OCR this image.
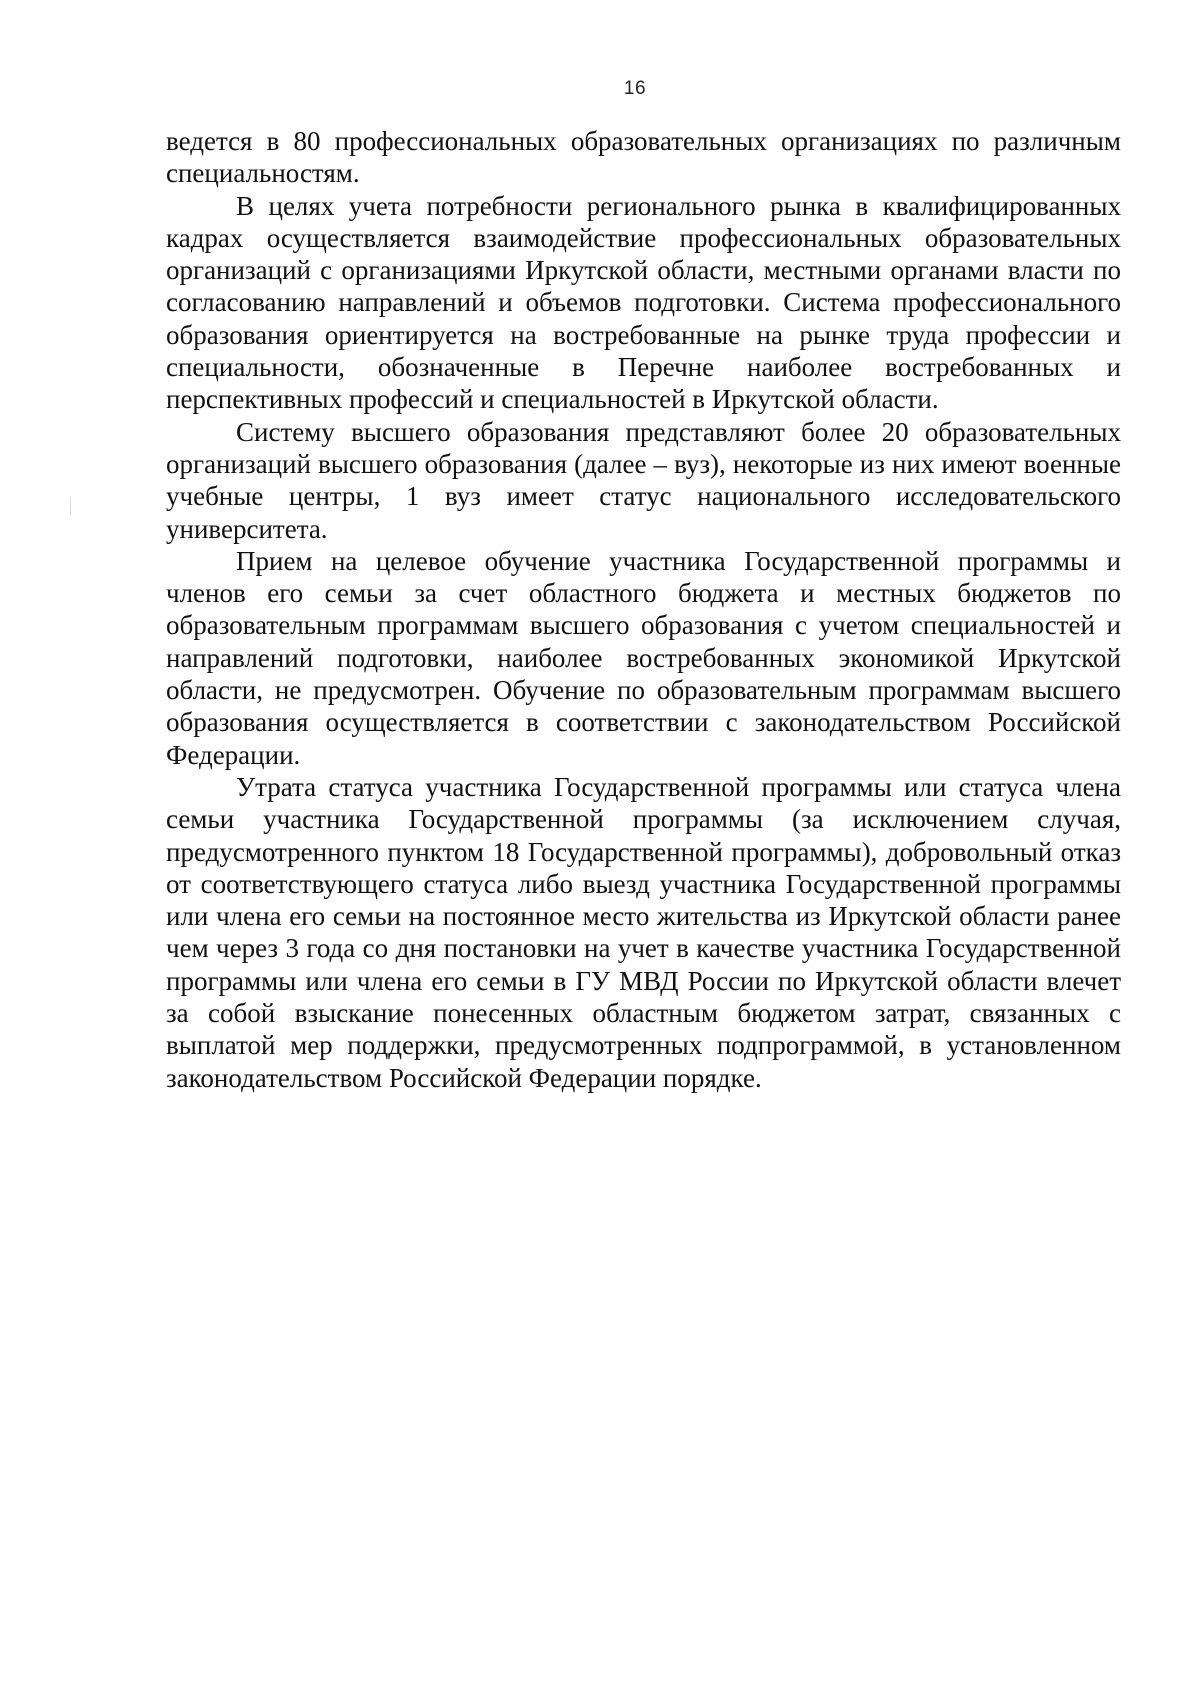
16

ведется в 80 профессиональных образовательных организациях по различным специальностям.

В целях учета потребности регионального рынка в квалифицированных кадрах осуществляется взаимодействие профессиональных образовательных организаций с организациями Иркутской области, местными органами власти по согласованию направлений и объемов подготовки. Система профессионального образования ориентируется на востребованные на рынке труда профессии и специальности, обозначенные в Перечне наиболее востребованных и перспективных профессий и специальностей в Иркутской области.

Систему высшего образования представляют более 20 образовательных организаций высшего образования (далее – вуз), некоторые из них имеют военные учебные центры, 1 вуз имеет статус национального исследовательского университета.

Прием на целевое обучение участника Государственной программы и членов его семьи за счет областного бюджета и местных бюджетов по образовательным программам высшего образования с учетом специальностей и направлений подготовки, наиболее востребованных экономикой Иркутской области, не предусмотрен. Обучение по образовательным программам высшего образования осуществляется в соответствии с законодательством Российской Федерации.

Утрата статуса участника Государственной программы или статуса члена семьи участника Государственной программы (за исключением случая, предусмотренного пунктом 18 Государственной программы), добровольный отказ от соответствующего статуса либо выезд участника Государственной программы или члена его семьи на постоянное место жительства из Иркутской области ранее чем через 3 года со дня постановки на учет в качестве участника Государственной программы или члена его семьи в ГУ МВД России по Иркутской области влечет за собой взыскание понесенных областным бюджетом затрат, связанных с выплатой мер поддержки, предусмотренных подпрограммой, в установленном законодательством Российской Федерации порядке.
